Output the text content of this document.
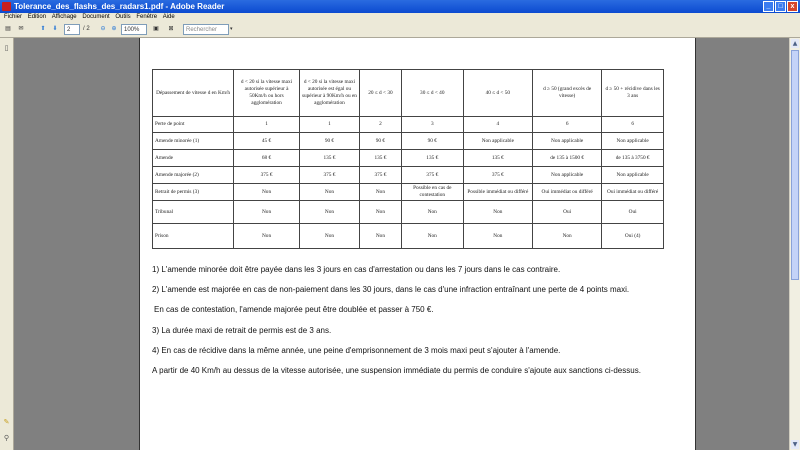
Tolerance_des_flashs_des_radars1.pdf - Adobe Reader	_	□	x
Fichier Edition Affichage Document Outils Fenêtre Aide
▤	✉	⬆	⬇	2	/ 2	⊖ ⊕	100%	▣	⊠	Rechercher	▾
▯
✎
⚲
Dépassement de vitesse d en Km/h	d < 20 si la vitesse maxi autorisée supérieur à 50Km/h ou hors agglomération	d < 20 si la vitesse maxi autorisée est égal ou supérieur à 90Km/h ou en agglomération	20 ≤ d < 30	30 ≤ d < 40	40 ≤ d < 50	d ≥ 50 (grand excès de vitesse)	d ≥ 50 + récidive dans les 3 ans
Perte de point	1	1	2	3	4	6	6
Amende minorée (1)	45 €	90 €	90 €	90 €	Non applicable	Non applicable	Non applicable
Amende	68 €	135 €	135 €	135 €	135 €	de 135 à 1500 €	de 135 à 3750 €
Amende majorée (2)	375 €	375 €	375 €	375 €	375 €	Non applicable	Non applicable
Retrait de permis (3)	Non	Non	Non	Possible en cas de contestation	Possible immédiat ou différé	Oui immédiat ou différé	Oui immédiat ou différé
Tribunal	Non	Non	Non	Non	Non	Oui	Oui
Prison	Non	Non	Non	Non	Non	Non	Oui (4)

1) L'amende minorée doit être payée dans les 3 jours en cas d'arrestation ou dans les 7 jours dans le cas contraire.

2) L'amende est majorée en cas de non-paiement dans les 30 jours, dans le cas d'une infraction entraînant une perte de 4 points maxi.

En cas de contestation, l'amende majorée peut être doublée et passer à 750 €.

3) La durée maxi de retrait de permis est de 3 ans.

4) En cas de récidive dans la même année, une peine d'emprisonnement de 3 mois maxi peut s'ajouter à l'amende.

A partir de 40 Km/h au dessus de la vitesse autorisée, une suspension immédiate du permis de conduire s'ajoute aux sanctions ci-dessus.

▲
▼
